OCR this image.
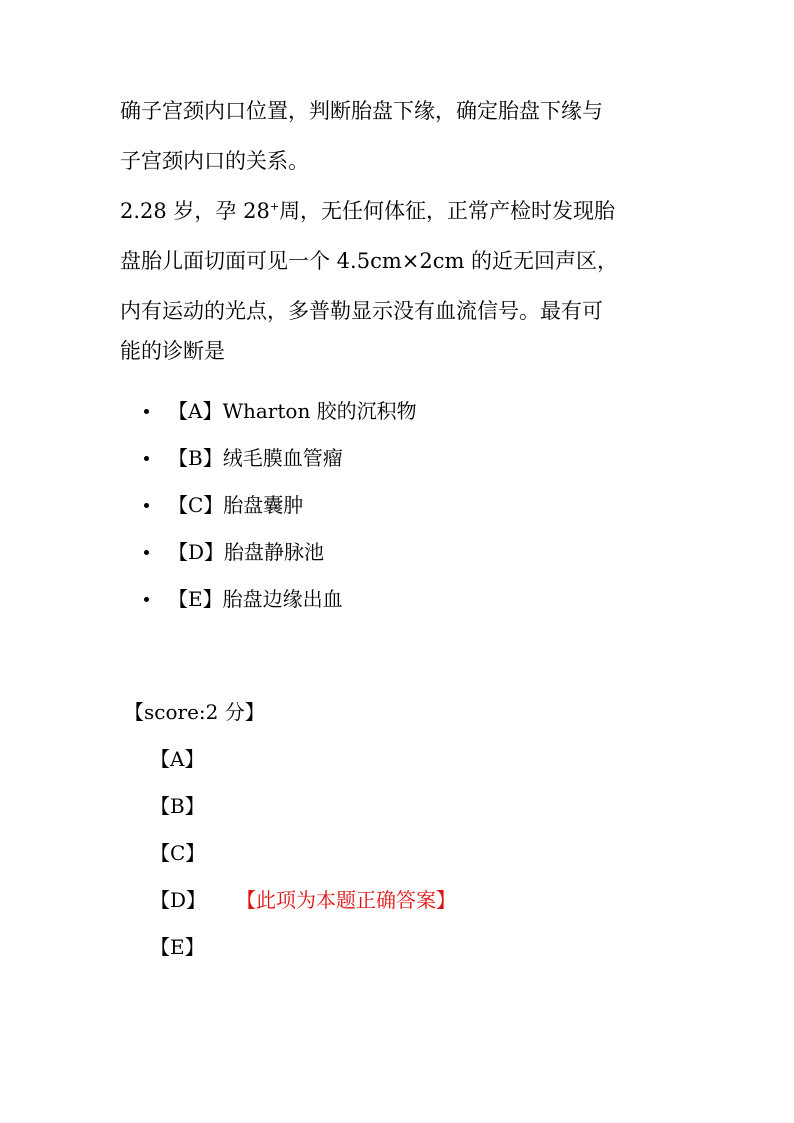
确子宫颈内口位置，判断胎盘下缘，确定胎盘下缘与
子宫颈内口的关系。
2.28 岁，孕 28+周，无任何体征，正常产检时发现胎
盘胎儿面切面可见一个 4.5cm×2cm 的近无回声区，
内有运动的光点，多普勒显示没有血流信号。最有可
能的诊断是
【A】Wharton 胶的沉积物
【B】绒毛膜血管瘤
【C】胎盘囊肿
【D】胎盘静脉池
【E】胎盘边缘出血
【score:2 分】
【A】
【B】
【C】
【D】 【此项为本题正确答案】
【E】
